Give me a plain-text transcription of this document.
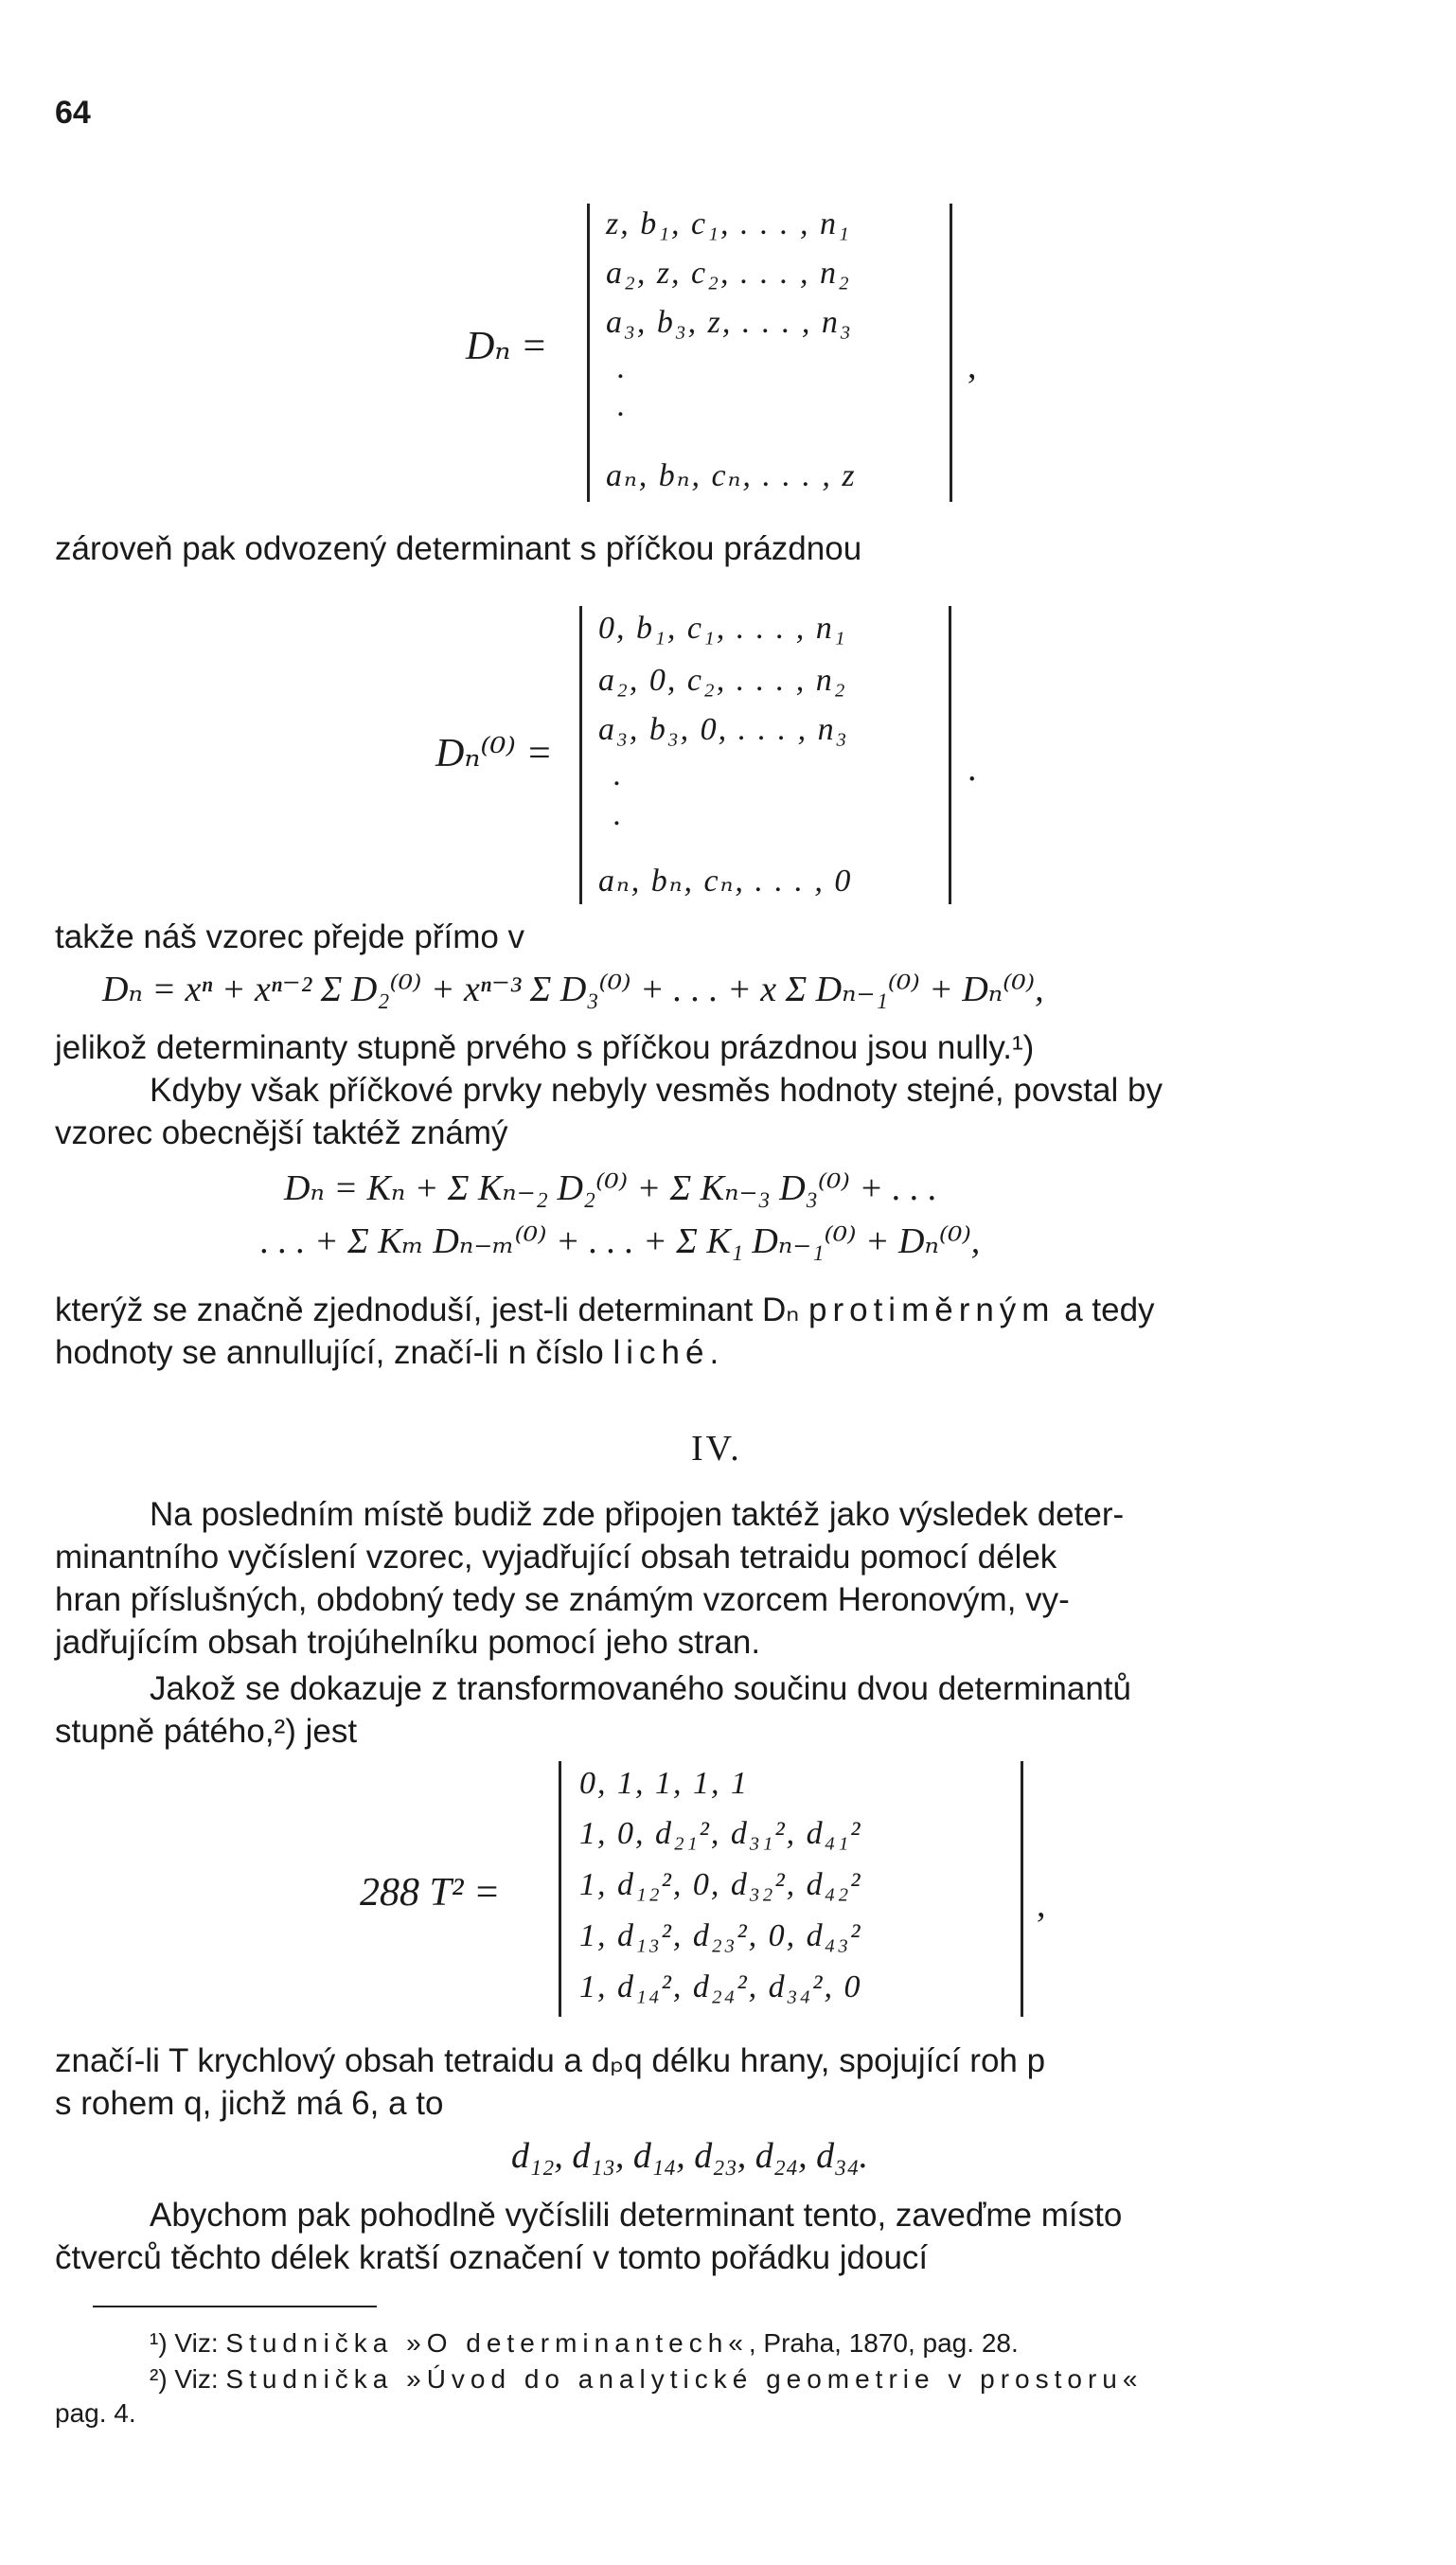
64
Dₙ =
z, b₁, c₁, . . . , n₁
a₂, z, c₂, . . . , n₂
a₃, b₃, z, . . . , n₃
.
.
aₙ, bₙ, cₙ, . . . , z
,
zároveň pak odvozený determinant s příčkou prázdnou
Dₙ⁽⁰⁾ =
0, b₁, c₁, . . . , n₁
a₂, 0, c₂, . . . , n₂
a₃, b₃, 0, . . . , n₃
.
.
aₙ, bₙ, cₙ, . . . , 0
.
takže náš vzorec přejde přímo v
Dₙ = xⁿ + xⁿ⁻² Σ D₂⁽⁰⁾ + xⁿ⁻³ Σ D₃⁽⁰⁾ + . . . + x Σ Dₙ₋₁⁽⁰⁾ + Dₙ⁽⁰⁾,
jelikož determinanty stupně prvého s příčkou prázdnou jsou nully.¹)
Kdyby však příčkové prvky nebyly vesměs hodnoty stejné, povstal by
vzorec obecnější taktéž známý
Dₙ = Kₙ + Σ Kₙ₋₂ D₂⁽⁰⁾ + Σ Kₙ₋₃ D₃⁽⁰⁾ + . . .
. . . + Σ Kₘ Dₙ₋ₘ⁽⁰⁾ + . . . + Σ K₁ Dₙ₋₁⁽⁰⁾ + Dₙ⁽⁰⁾,
kterýž se značně zjednoduší, jest-li determinant Dₙ protiměrným a tedy
hodnoty se annullující, značí-li n číslo liché.
IV.
Na posledním místě budiž zde připojen taktéž jako výsledek deter-
minantního vyčíslení vzorec, vyjadřující obsah tetraidu pomocí délek
hran příslušných, obdobný tedy se známým vzorcem Heronovým, vy-
jadřujícím obsah trojúhelníku pomocí jeho stran.
Jakož se dokazuje z transformovaného součinu dvou determinantů
stupně pátého,²) jest
288 T² =
0, 1, 1, 1, 1
1, 0, d₂₁², d₃₁², d₄₁²
1, d₁₂², 0, d₃₂², d₄₂²
1, d₁₃², d₂₃², 0, d₄₃²
1, d₁₄², d₂₄², d₃₄², 0
,
značí-li T krychlový obsah tetraidu a dₚq délku hrany, spojující roh p
s rohem q, jichž má 6, a to
d₁₂, d₁₃, d₁₄, d₂₃, d₂₄, d₃₄.
Abychom pak pohodlně vyčíslili determinant tento, zaveďme místo
čtverců těchto délek kratší označení v tomto pořádku jdoucí
¹) Viz: Studnička »O determinantech«, Praha, 1870, pag. 28.
²) Viz: Studnička »Úvod do analytické geometrie v prostoru«
pag. 4.
